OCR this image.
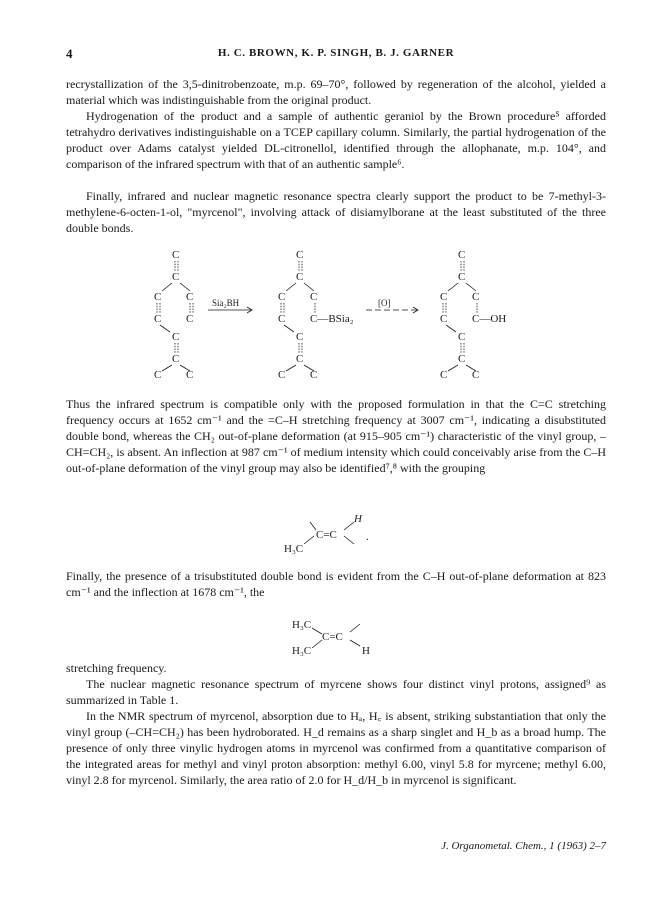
4	H. C. BROWN, K. P. SINGH, B. J. GARNER

recrystallization of the 3,5-dinitrobenzoate, m.p. 69–70°, followed by regeneration of the alcohol, yielded a material which was indistinguishable from the original product.

Hydrogenation of the product and a sample of authentic geraniol by the Brown procedure⁵ afforded tetrahydro derivatives indistinguishable on a TCEP capillary column. Similarly, the partial hydrogenation of the product over Adams catalyst yielded DL-citronellol, identified through the allophanate, m.p. 104°, and comparison of the infrared spectrum with that of an authentic sample⁶.

Finally, infrared and nuclear magnetic resonance spectra clearly support the product to be 7-methyl-3-methylene-6-octen-1-ol, "myrcenol", involving attack of disiamylborane at the least substituted of the three double bonds.

C
C
C C
C C
C
C
C C
C
C
C C
C C—BSia₂
C
C
C C
C
C
C C
C C—OH
C
C
C C
Sia₂BH	[O]

Thus the infrared spectrum is compatible only with the proposed formulation in that the C=C stretching frequency occurs at 1652 cm⁻¹ and the =C–H stretching frequency at 3007 cm⁻¹, indicating a disubstituted double bond, whereas the CH₂ out-of-plane deformation (at 915–905 cm⁻¹) characteristic of the vinyl group, –CH=CH₂, is absent. An inflection at 987 cm⁻¹ of medium intensity which could conceivably arise from the C–H out-of-plane deformation of the vinyl group may also be identified⁷,⁸ with the grouping

H₃C
C=C
H
.

Finally, the presence of a trisubstituted double bond is evident from the C–H out-of-plane deformation at 823 cm⁻¹ and the inflection at 1678 cm⁻¹, the

H₃C
H₃C
C=C
H

stretching frequency.

The nuclear magnetic resonance spectrum of myrcene shows four distinct vinyl protons, assigned⁹ as summarized in Table 1.

In the NMR spectrum of myrcenol, absorption due to Hₐ, H꜀ is absent, striking substantiation that only the vinyl group (–CH=CH₂) has been hydroborated. H_d remains as a sharp singlet and H_b as a broad hump. The presence of only three vinylic hydrogen atoms in myrcenol was confirmed from a quantitative comparison of the integrated areas for methyl and vinyl proton absorption: methyl 6.00, vinyl 5.8 for myrcene; methyl 6.00, vinyl 2.8 for myrcenol. Similarly, the area ratio of 2.0 for H_d/H_b in myrcenol is significant.

J. Organometal. Chem., 1 (1963) 2–7
